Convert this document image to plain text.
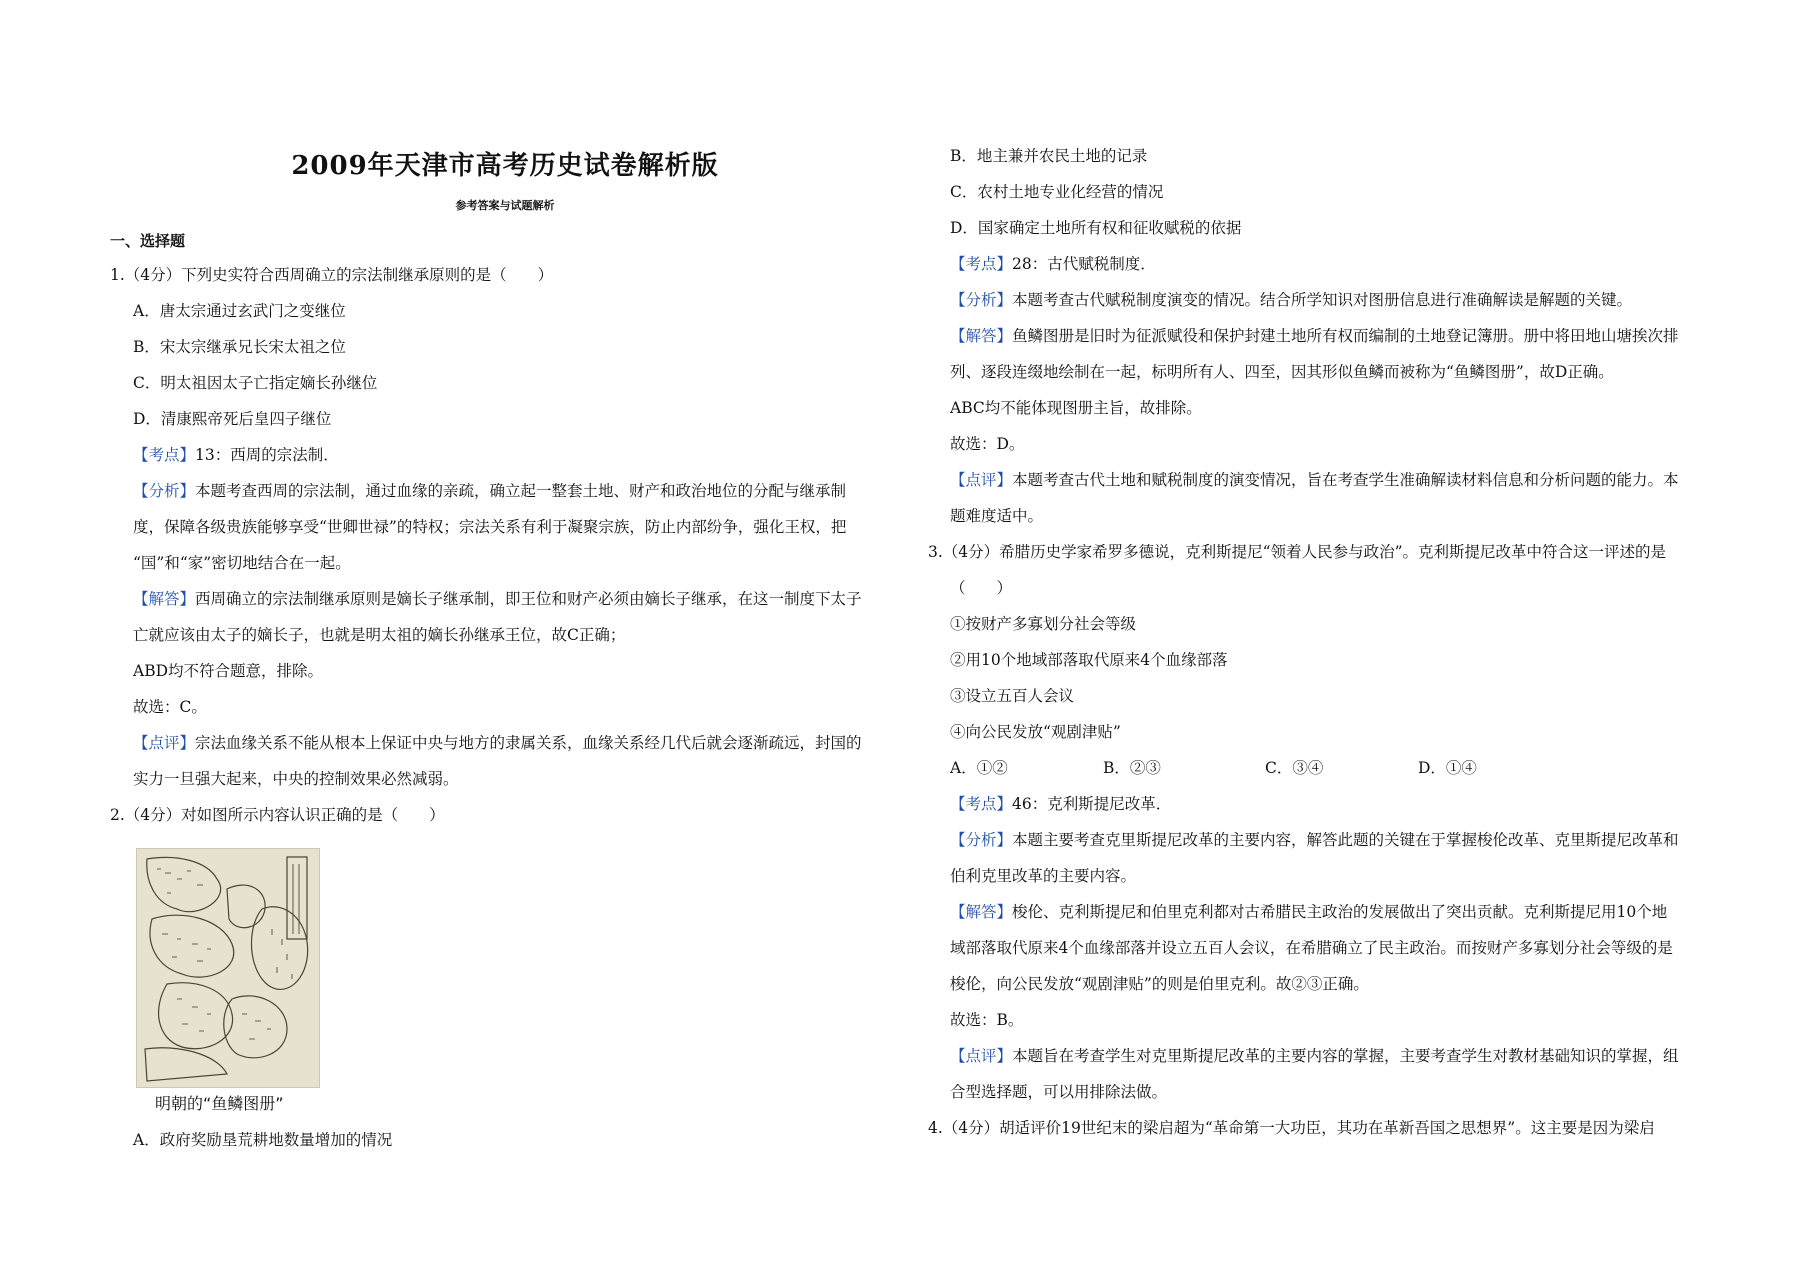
2009年天津市高考历史试卷解析版
参考答案与试题解析
一、选择题
1.（4分）下列史实符合西周确立的宗法制继承原则的是（　　）
A．唐太宗通过玄武门之变继位
B．宋太宗继承兄长宋太祖之位
C．明太祖因太子亡指定嫡长孙继位
D．清康熙帝死后皇四子继位
【考点】13：西周的宗法制．
【分析】本题考查西周的宗法制，通过血缘的亲疏，确立起一整套土地、财产和政治地位的分配与继承制
度，保障各级贵族能够享受“世卿世禄”的特权；宗法关系有利于凝聚宗族，防止内部纷争，强化王权，把
“国”和“家”密切地结合在一起。
【解答】西周确立的宗法制继承原则是嫡长子继承制，即王位和财产必须由嫡长子继承，在这一制度下太子
亡就应该由太子的嫡长子，也就是明太祖的嫡长孙继承王位，故C正确；
ABD均不符合题意，排除。
故选：C。
【点评】宗法血缘关系不能从根本上保证中央与地方的隶属关系，血缘关系经几代后就会逐渐疏远，封国的
实力一旦强大起来，中央的控制效果必然减弱。
2.（4分）对如图所示内容认识正确的是（　　）
明朝的“鱼鳞图册”
A．政府奖励垦荒耕地数量增加的情况
B．地主兼并农民土地的记录
C．农村土地专业化经营的情况
D．国家确定土地所有权和征收赋税的依据
【考点】28：古代赋税制度．
【分析】本题考查古代赋税制度演变的情况。结合所学知识对图册信息进行准确解读是解题的关键。
【解答】鱼鳞图册是旧时为征派赋役和保护封建土地所有权而编制的土地登记簿册。册中将田地山塘挨次排
列、逐段连缀地绘制在一起，标明所有人、四至，因其形似鱼鳞而被称为“鱼鳞图册”，故D正确。
ABC均不能体现图册主旨，故排除。
故选：D。
【点评】本题考查古代土地和赋税制度的演变情况，旨在考查学生准确解读材料信息和分析问题的能力。本
题难度适中。
3.（4分）希腊历史学家希罗多德说，克利斯提尼“领着人民参与政治”。克利斯提尼改革中符合这一评述的是
（　　）
①按财产多寡划分社会等级
②用10个地域部落取代原来4个血缘部落
③设立五百人会议
④向公民发放“观剧津贴”
A．①②	B．②③	C．③④	D．①④
【考点】46：克利斯提尼改革．
【分析】本题主要考查克里斯提尼改革的主要内容，解答此题的关键在于掌握梭伦改革、克里斯提尼改革和
伯利克里改革的主要内容。
【解答】梭伦、克利斯提尼和伯里克利都对古希腊民主政治的发展做出了突出贡献。克利斯提尼用10个地
域部落取代原来4个血缘部落并设立五百人会议，在希腊确立了民主政治。而按财产多寡划分社会等级的是
梭伦，向公民发放“观剧津贴”的则是伯里克利。故②③正确。
故选：B。
【点评】本题旨在考查学生对克里斯提尼改革的主要内容的掌握，主要考查学生对教材基础知识的掌握，组
合型选择题，可以用排除法做。
4.（4分）胡适评价19世纪末的梁启超为“革命第一大功臣，其功在革新吾国之思想界”。这主要是因为梁启
